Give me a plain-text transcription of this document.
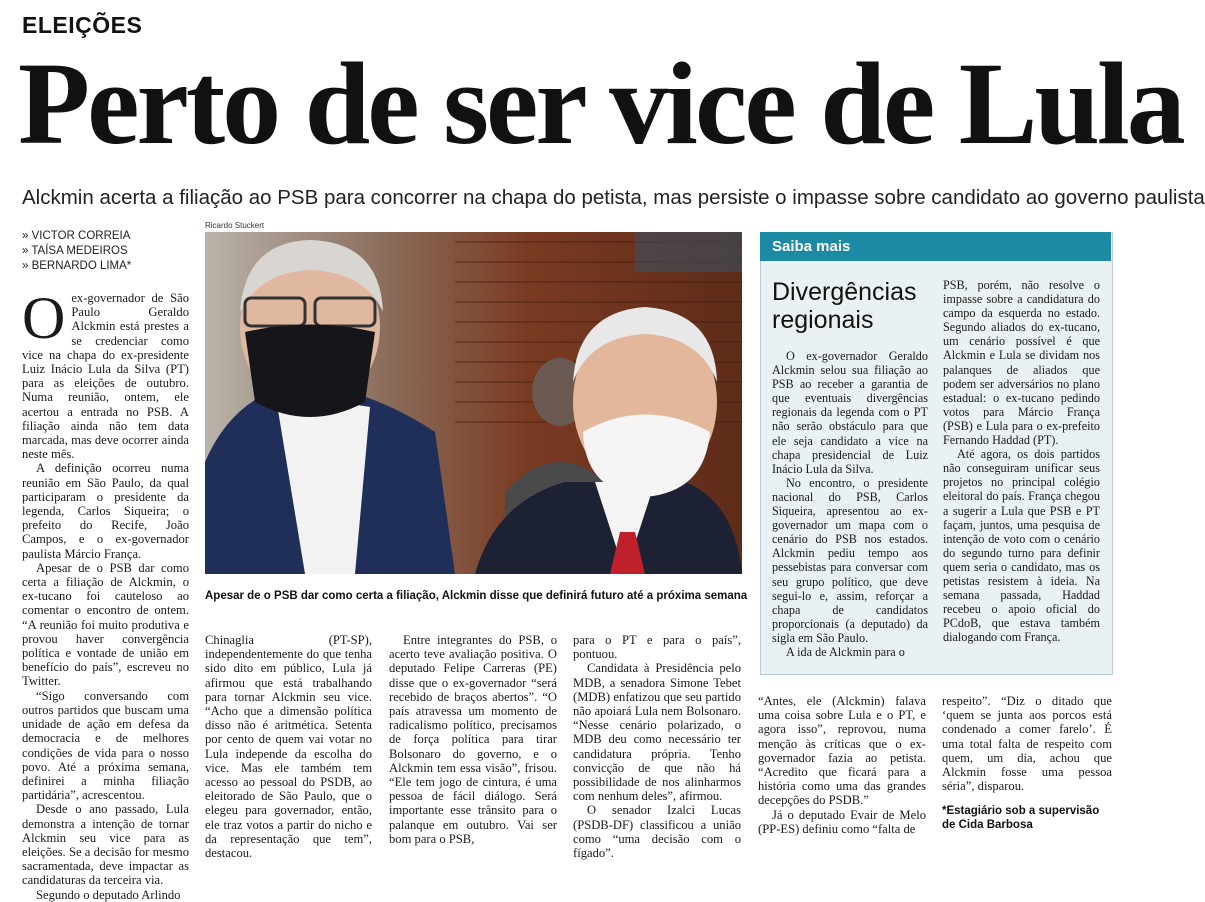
ELEIÇÕES
Perto de ser vice de Lula
Alckmin acerta a filiação ao PSB para concorrer na chapa do petista, mas persiste o impasse sobre candidato ao governo paulista
» VICTOR CORREIA
» TAÍSA MEDEIROS
» BERNARDO LIMA*

Oex-governador de São Paulo Geraldo Alckmin está prestes a se credenciar como vice na chapa do ex-presidente Luiz Inácio Lula da Silva (PT) para as eleições de outubro. Numa reunião, ontem, ele acertou a entrada no PSB. A filiação ainda não tem data marcada, mas deve ocorrer ainda neste mês.

A definição ocorreu numa reunião em São Paulo, da qual participaram o presidente da legenda, Carlos Siqueira; o prefeito do Recife, João Campos, e o ex-governador paulista Márcio França.

Apesar de o PSB dar como certa a filiação de Alckmin, o ex-tucano foi cauteloso ao comentar o encontro de ontem. “A reunião foi muito produtiva e provou haver convergência política e vontade de união em benefício do país”, escreveu no Twitter.

“Sigo conversando com outros partidos que buscam uma unidade de ação em defesa da democracia e de melhores condições de vida para o nosso povo. Até a próxima semana, definirei a minha filiação partidária”, acrescentou.

Desde o ano passado, Lula demonstra a intenção de tornar Alckmin seu vice para as eleições. Se a decisão for mesmo sacramentada, deve impactar as candidaturas da terceira via.

Segundo o deputado Arlindo

Ricardo Stuckert
Apesar de o PSB dar como certa a filiação, Alckmin disse que definirá futuro até a próxima semana

Chinaglia (PT-SP), independentemente do que tenha sido dito em público, Lula já afirmou que está trabalhando para tornar Alckmin seu vice. “Acho que a dimensão política disso não é aritmética. Setenta por cento de quem vai votar no Lula independe da escolha do vice. Mas ele também tem acesso ao pessoal do PSDB, ao eleitorado de São Paulo, que o elegeu para governador, então, ele traz votos a partir do nicho e da representação que tem”, destacou.

Entre integrantes do PSB, o acerto teve avaliação positiva. O deputado Felipe Carreras (PE) disse que o ex-governador “será recebido de braços abertos”. “O país atravessa um momento de radicalismo político, precisamos de força política para tirar Bolsonaro do governo, e o Alckmin tem essa visão”, frisou. “Ele tem jogo de cintura, é uma pessoa de fácil diálogo. Será importante esse trânsito para o palanque em outubro. Vai ser bom para o PSB,

para o PT e para o país”, pontuou.

Candidata à Presidência pelo MDB, a senadora Simone Tebet (MDB) enfatizou que seu partido não apoiará Lula nem Bolsonaro. “Nesse cenário polarizado, o MDB deu como necessário ter candidatura própria. Tenho convicção de que não há possibilidade de nos alinharmos com nenhum deles”, afirmou.

O senador Izalci Lucas (PSDB-DF) classificou a união como “uma decisão com o fígado”.

Saiba mais
Divergências regionais

O ex-governador Geraldo Alckmin selou sua filiação ao PSB ao receber a garantia de que eventuais divergências regionais da legenda com o PT não serão obstáculo para que ele seja candidato a vice na chapa presidencial de Luiz Inácio Lula da Silva.

No encontro, o presidente nacional do PSB, Carlos Siqueira, apresentou ao ex-governador um mapa com o cenário do PSB nos estados. Alckmin pediu tempo aos pessebistas para conversar com seu grupo político, que deve segui-lo e, assim, reforçar a chapa de candidatos proporcionais (a deputado) da sigla em São Paulo.

A ida de Alckmin para o

PSB, porém, não resolve o impasse sobre a candidatura do campo da esquerda no estado. Segundo aliados do ex-tucano, um cenário possível é que Alckmin e Lula se dividam nos palanques de aliados que podem ser adversários no plano estadual: o ex-tucano pedindo votos para Márcio França (PSB) e Lula para o ex-prefeito Fernando Haddad (PT).

Até agora, os dois partidos não conseguiram unificar seus projetos no principal colégio eleitoral do país. França chegou a sugerir a Lula que PSB e PT façam, juntos, uma pesquisa de intenção de voto com o cenário do segundo turno para definir quem seria o candidato, mas os petistas resistem à ideia. Na semana passada, Haddad recebeu o apoio oficial do PCdoB, que estava também dialogando com França.

“Antes, ele (Alckmin) falava uma coisa sobre Lula e o PT, e agora isso”, reprovou, numa menção às críticas que o ex-governador fazia ao petista. “Acredito que ficará para a história como uma das grandes decepções do PSDB.”

Já o deputado Evair de Melo (PP-ES) definiu como “falta de

respeito”. “Diz o ditado que ‘quem se junta aos porcos está condenado a comer farelo’. É uma total falta de respeito com quem, um dia, achou que Alckmin fosse uma pessoa séria”, disparou.

*Estagiário sob a supervisão de Cida Barbosa
